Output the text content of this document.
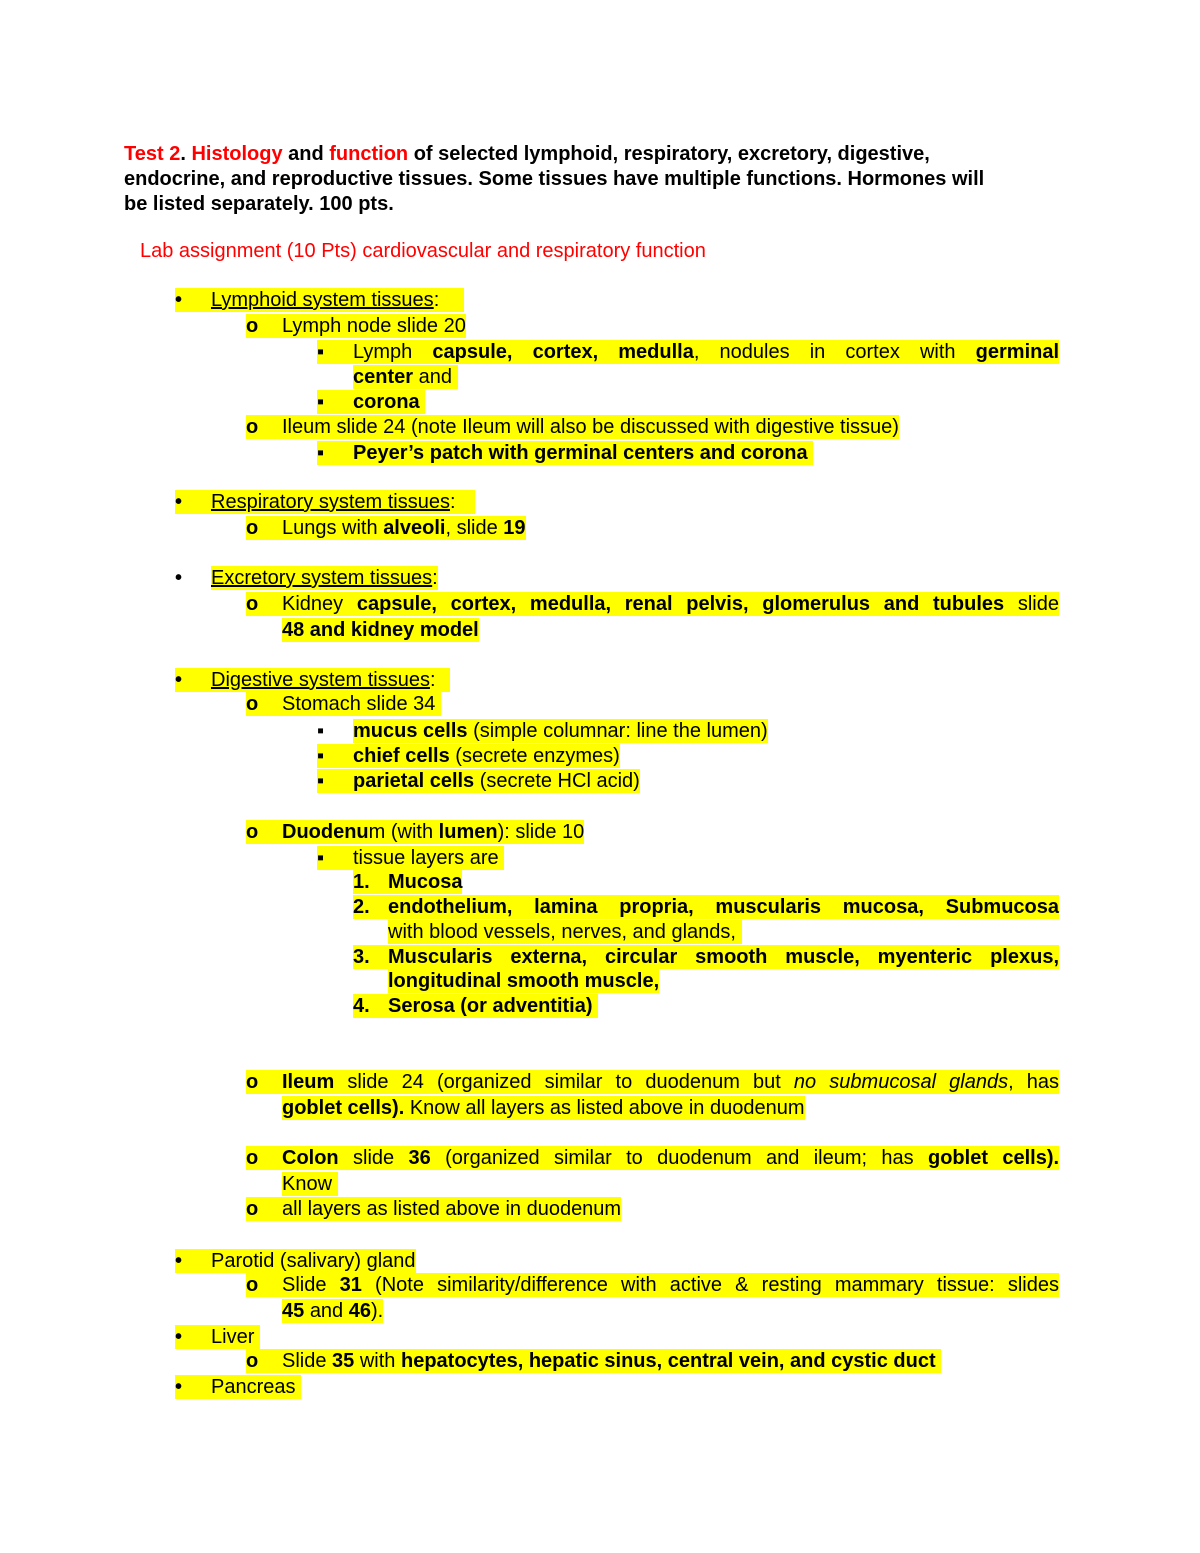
Test 2. Histology and function of selected lymphoid, respiratory, excretory, digestive,
endocrine, and reproductive tissues. Some tissues have multiple functions. Hormones will
be listed separately. 100 pts.
Lab assignment (10 Pts) cardiovascular and respiratory function
•	Lymphoid system tissues:
o	Lymph node slide 20
▪	Lymph capsule, cortex, medulla, nodules in cortex with germinal
center and
▪	corona
o	Ileum slide 24 (note Ileum will also be discussed with digestive tissue)
▪	Peyer’s patch with germinal centers and corona
•	Respiratory system tissues:
o	Lungs with alveoli, slide 19
•	Excretory system tissues:
o	Kidney capsule, cortex, medulla, renal pelvis, glomerulus and tubules slide
48 and kidney model
•	Digestive system tissues:
o	Stomach slide 34
▪	mucus cells (simple columnar: line the lumen)
▪	chief cells (secrete enzymes)
▪	parietal cells (secrete HCl acid)
o	Duodenum (with lumen): slide 10
▪	tissue layers are
1. Mucosa
2. endothelium, lamina propria, muscularis mucosa, Submucosa
with blood vessels, nerves, and glands,
3. Muscularis externa, circular smooth muscle, myenteric plexus,
longitudinal smooth muscle,
4. Serosa (or adventitia)
o	Ileum slide 24 (organized similar to duodenum but no submucosal glands, has
goblet cells). Know all layers as listed above in duodenum
o	Colon slide 36 (organized similar to duodenum and ileum; has goblet cells).
Know
o	all layers as listed above in duodenum
•	Parotid (salivary) gland
o	Slide 31 (Note similarity/difference with active & resting mammary tissue: slides
45 and 46).
•	Liver
o	Slide 35 with hepatocytes, hepatic sinus, central vein, and cystic duct
•	Pancreas
